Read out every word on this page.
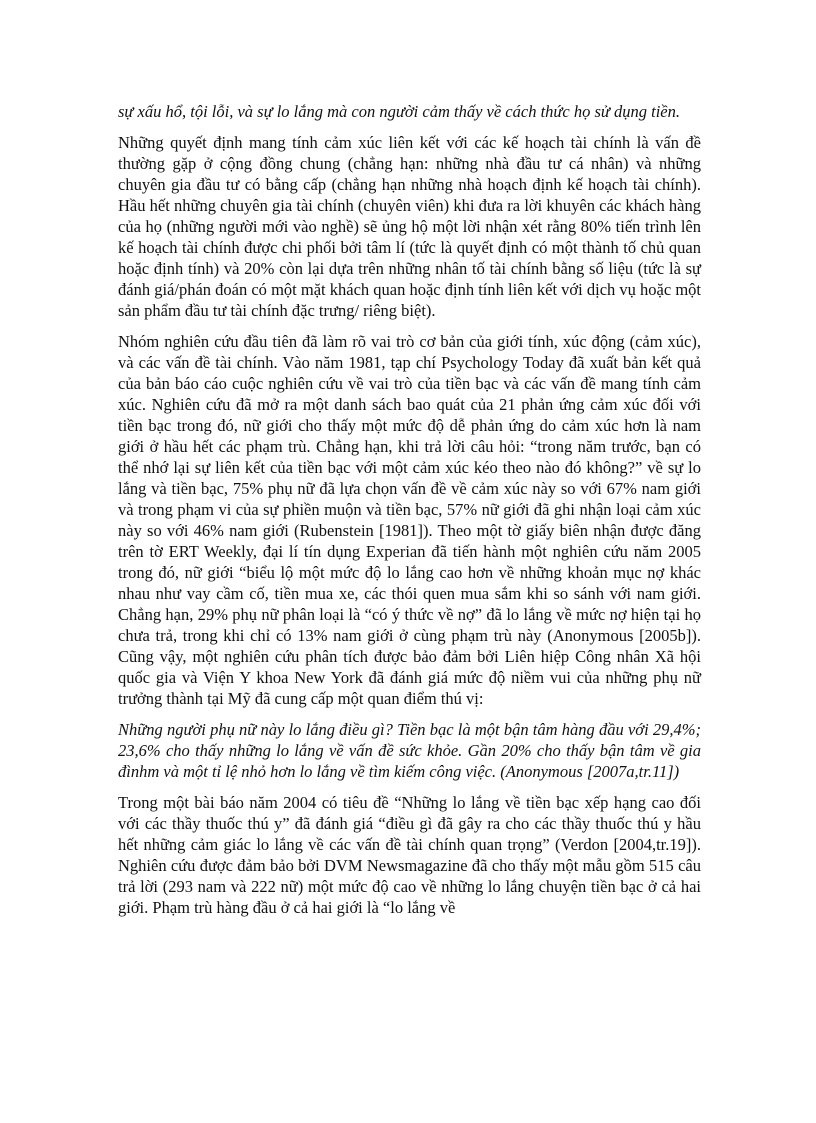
sự xấu hổ, tội lỗi, và sự lo lắng mà con người cảm thấy về cách thức họ sử dụng tiền.

Những quyết định mang tính cảm xúc liên kết với các kế hoạch tài chính là vấn đề thường gặp ở cộng đồng chung (chẳng hạn: những nhà đầu tư cá nhân) và những chuyên gia đầu tư có bằng cấp (chẳng hạn những nhà hoạch định kế hoạch tài chính). Hầu hết những chuyên gia tài chính (chuyên viên) khi đưa ra lời khuyên các khách hàng của họ (những người mới vào nghề) sẽ ủng hộ một lời nhận xét rằng 80% tiến trình lên kế hoạch tài chính được chi phối bởi tâm lí (tức là quyết định có một thành tố chủ quan hoặc định tính) và 20% còn lại dựa trên những nhân tố tài chính bằng số liệu (tức là sự đánh giá/phán đoán có một mặt khách quan hoặc định tính liên kết với dịch vụ hoặc một sản phẩm đầu tư tài chính đặc trưng/ riêng biệt).

Nhóm nghiên cứu đầu tiên đã làm rõ vai trò cơ bản của giới tính, xúc động (cảm xúc), và các vấn đề tài chính. Vào năm 1981, tạp chí Psychology Today đã xuất bản kết quả của bản báo cáo cuộc nghiên cứu về vai trò của tiền bạc và các vấn đề mang tính cảm xúc. Nghiên cứu đã mở ra một danh sách bao quát của 21 phản ứng cảm xúc đối với tiền bạc trong đó, nữ giới cho thấy một mức độ dễ phản ứng do cảm xúc hơn là nam giới ở hầu hết các phạm trù. Chẳng hạn, khi trả lời câu hỏi: “trong năm trước, bạn có thể nhớ lại sự liên kết của tiền bạc với một cảm xúc kéo theo nào đó không?” về sự lo lắng và tiền bạc, 75% phụ nữ đã lựa chọn vấn đề về cảm xúc này so với 67% nam giới và trong phạm vi của sự phiền muộn và tiền bạc, 57% nữ giới đã ghi nhận loại cảm xúc này so với 46% nam giới (Rubenstein [1981]). Theo một tờ giấy biên nhận được đăng trên tờ ERT Weekly, đại lí tín dụng Experian đã tiến hành một nghiên cứu năm 2005 trong đó, nữ giới “biểu lộ một mức độ lo lắng cao hơn về những khoản mục nợ khác nhau như vay cầm cố, tiền mua xe, các thói quen mua sắm khi so sánh với nam giới. Chẳng hạn, 29% phụ nữ phân loại là “có ý thức về nợ” đã lo lắng về mức nợ hiện tại họ chưa trả, trong khi chỉ có 13% nam giới ở cùng phạm trù này (Anonymous [2005b]). Cũng vậy, một nghiên cứu phân tích được bảo đảm bởi Liên hiệp Công nhân Xã hội quốc gia và Viện Y khoa New York đã đánh giá mức độ niềm vui của những phụ nữ trưởng thành tại Mỹ đã cung cấp một quan điểm thú vị:

Những người phụ nữ này lo lắng điều gì? Tiền bạc là một bận tâm hàng đầu với 29,4%; 23,6% cho thấy những lo lắng về vấn đề sức khỏe. Gần 20% cho thấy bận tâm về gia đìnhm và một tỉ lệ nhỏ hơn lo lắng về tìm kiếm công việc. (Anonymous [2007a,tr.11])

Trong một bài báo năm 2004 có tiêu đề “Những lo lắng về tiền bạc xếp hạng cao đối với các thầy thuốc thú y” đã đánh giá “điều gì đã gây ra cho các thầy thuốc thú y hầu hết những cảm giác lo lắng về các vấn đề tài chính quan trọng” (Verdon [2004,tr.19]). Nghiên cứu được đảm bảo bởi DVM Newsmagazine đã cho thấy một mẫu gồm 515 câu trả lời (293 nam và 222 nữ) một mức độ cao về những lo lắng chuyện tiền bạc ở cả hai giới. Phạm trù hàng đầu ở cả hai giới là “lo lắng về
